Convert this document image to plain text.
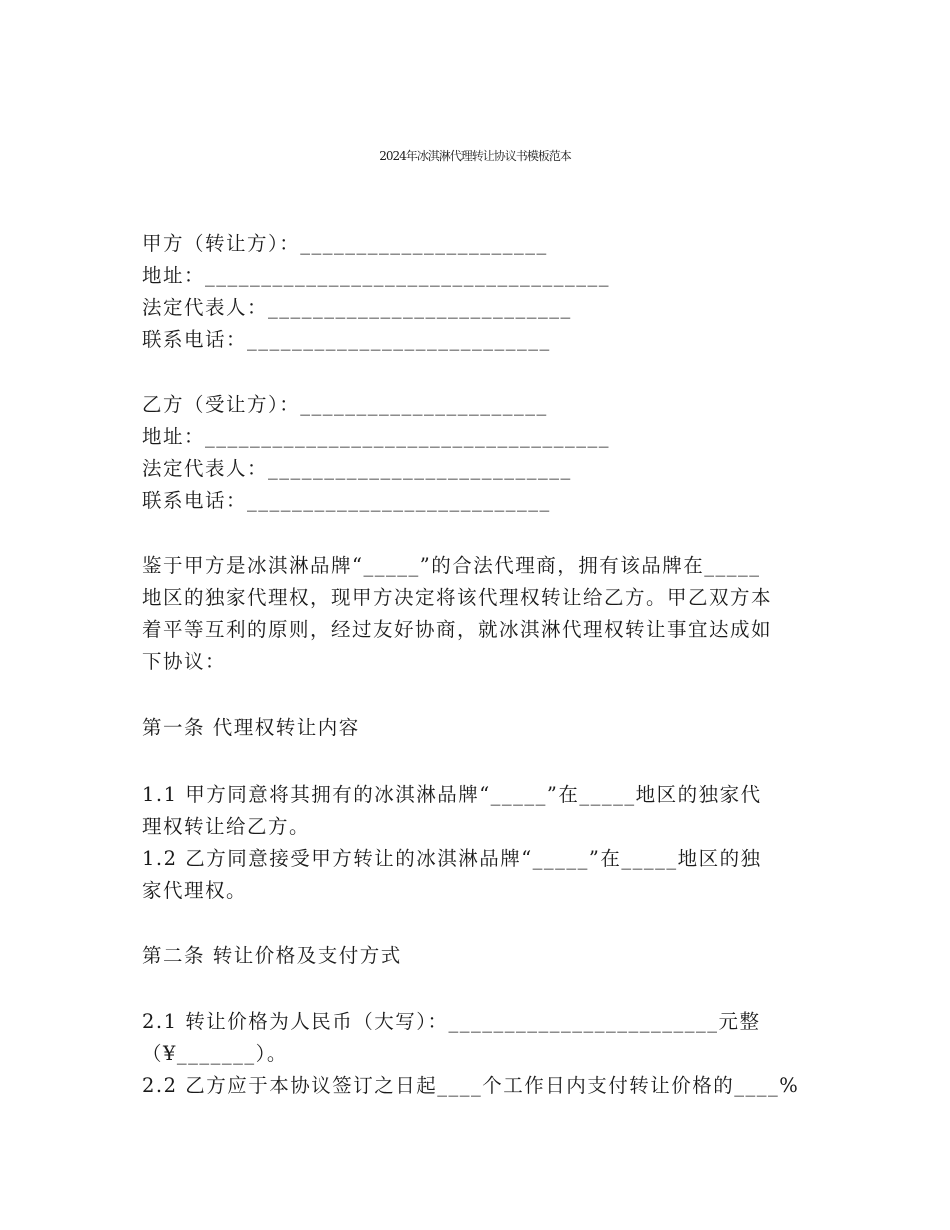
2024年冰淇淋代理转让协议书模板范本
甲方（转让方）：______________________
地址：____________________________________
法定代表人：___________________________
联系电话：___________________________
乙方（受让方）：______________________
地址：____________________________________
法定代表人：___________________________
联系电话：___________________________
鉴于甲方是冰淇淋品牌“_____”的合法代理商，拥有该品牌在_____
地区的独家代理权，现甲方决定将该代理权转让给乙方。甲乙双方本
着平等互利的原则，经过友好协商，就冰淇淋代理权转让事宜达成如
下协议：
第一条 代理权转让内容
1.1 甲方同意将其拥有的冰淇淋品牌“_____”在_____地区的独家代
理权转让给乙方。
1.2 乙方同意接受甲方转让的冰淇淋品牌“_____”在_____地区的独
家代理权。
第二条 转让价格及支付方式
2.1 转让价格为人民币（大写）：________________________元整
（¥_______）。
2.2 乙方应于本协议签订之日起____个工作日内支付转让价格的____%
